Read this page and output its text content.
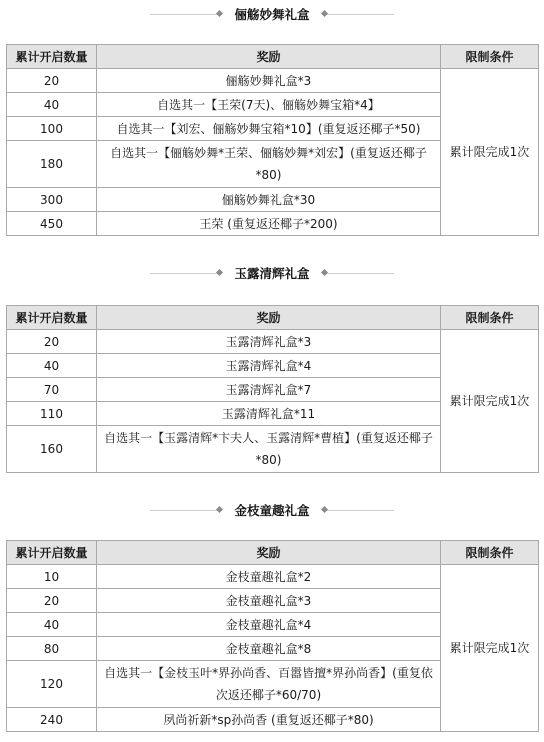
俪觞妙舞礼盒
累计开启数量	奖励	限制条件
20	俪觞妙舞礼盒*3	累计限完成1次
40	自选其一【王荣(7天)、俪觞妙舞宝箱*4】	
100	自选其一【刘宏、俪觞妙舞宝箱*10】(重复返还椰子*50)	
180	自选其一【俪觞妙舞*王荣、俪觞妙舞*刘宏】(重复返还椰子*80)	
300	俪觞妙舞礼盒*30	
450	王荣 (重复返还椰子*200)	
玉露清辉礼盒
累计开启数量	奖励	限制条件
20	玉露清辉礼盒*3	累计限完成1次
40	玉露清辉礼盒*4	
70	玉露清辉礼盒*7	
110	玉露清辉礼盒*11	
160	自选其一【玉露清辉*卞夫人、玉露清辉*曹植】(重复返还椰子*80)	
金枝童趣礼盒
累计开启数量	奖励	限制条件
10	金枝童趣礼盒*2	累计限完成1次
20	金枝童趣礼盒*3	
40	金枝童趣礼盒*4	
80	金枝童趣礼盒*8	
120	自选其一【金枝玉叶*界孙尚香、百嚣皆擅*界孙尚香】(重复依次返还椰子*60/70)	
240	夙尚祈新*sp孙尚香 (重复返还椰子*80)	
